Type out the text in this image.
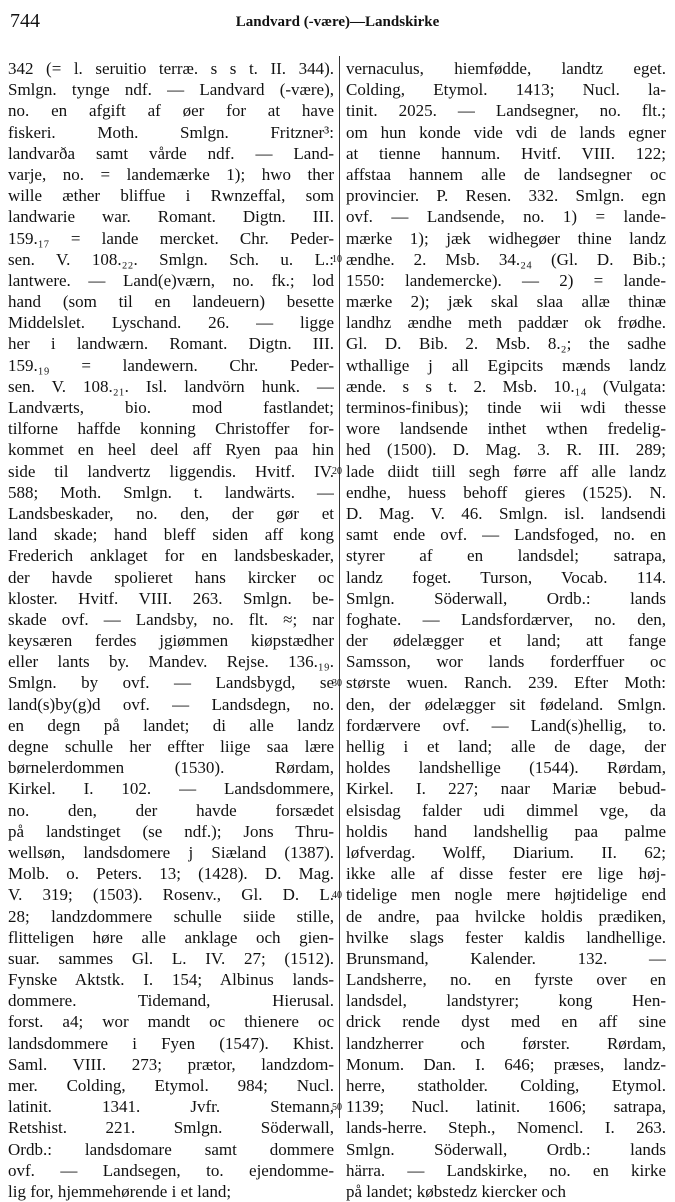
744	Landvard (-være)—Landskirke
342 (= l. seruitio terræ. s s t. II. 344).
Smlgn. tynge ndf. — Landvard (-være),
no. en afgift af øer for at have
fiskeri. Moth. Smlgn. Fritzner³:
landvarða samt vårde ndf. — Land-
varje, no. = landemærke 1); hwo ther
wille æther bliffue i Rwnzeffal, som
landwarie war. Romant. Digtn. III.
159.₁₇ = lande mercket. Chr. Peder-
sen. V. 108.₂₂. Smlgn. Sch. u. L.:
lantwere. — Land(e)værn, no. fk.; lod
hand (som til en landeuern) besette
Middelslet. Lyschand. 26. — ligge
her i landwærn. Romant. Digtn. III.
159.₁₉ = landewern. Chr. Peder-
sen. V. 108.₂₁. Isl. landvörn hunk. —
Landværts, bio. mod fastlandet;
tilforne haffde konning Christoffer for-
kommet en heel deel aff Ryen paa hin
side til landvertz liggendis. Hvitf. IV.
588; Moth. Smlgn. t. landwärts. —
Landsbeskader, no. den, der gør et
land skade; hand bleff siden aff kong
Frederich anklaget for en landsbeskader,
der havde spolieret hans kircker oc
kloster. Hvitf. VIII. 263. Smlgn. be-
skade ovf. — Landsby, no. flt. ≈; nar
keysæren ferdes jgiømmen kiøpstædher
eller lants by. Mandev. Rejse. 136.₁₉.
Smlgn. by ovf. — Landsbygd, se
land(s)by(g)d ovf. — Landsdegn, no.
en degn på landet; di alle landz
degne schulle her effter liige saa lære
børnelerdommen (1530). Rørdam,
Kirkel. I. 102. — Landsdommere,
no. den, der havde forsædet
på landstinget (se ndf.); Jons Thru-
wellsøn, landsdomere j Siæland (1387).
Molb. o. Peters. 13; (1428). D. Mag.
V. 319; (1503). Rosenv., Gl. D. L.
28; landzdommere schulle siide stille,
flitteligen høre alle anklage och gien-
suar. sammes Gl. L. IV. 27; (1512).
Fynske Aktstk. I. 154; Albinus lands-
dommere. Tidemand, Hierusal.
forst. a4; wor mandt oc thienere oc
landsdommere i Fyen (1547). Khist.
Saml. VIII. 273; prætor, landzdom-
mer. Colding, Etymol. 984; Nucl.
latinit. 1341. Jvfr. Stemann,
Retshist. 221. Smlgn. Söderwall,
Ordb.: landsdomare samt dommere
ovf. — Landsegen, to. ejendomme-
lig for, hjemmehørende i et land;
10
20
30
40
50
vernaculus, hiemfødde, landtz eget.
Colding, Etymol. 1413; Nucl. la-
tinit. 2025. — Landsegner, no. flt.;
om hun konde vide vdi de lands egner
at tienne hannum. Hvitf. VIII. 122;
affstaa hannem alle de landsegner oc
provincier. P. Resen. 332. Smlgn. egn
ovf. — Landsende, no. 1) = lande-
mærke 1); jæk widhegøer thine landz
ændhe. 2. Msb. 34.₂₄ (Gl. D. Bib.;
1550: landemercke). — 2) = lande-
mærke 2); jæk skal slaa allæ thinæ
landhz ændhe meth paddær ok frødhe.
Gl. D. Bib. 2. Msb. 8.₂; the sadhe
wthallige j all Egipcits mænds landz
ænde. s s t. 2. Msb. 10.₁₄ (Vulgata:
terminos-finibus); tinde wii wdi thesse
wore landsende inthet wthen fredelig-
hed (1500). D. Mag. 3. R. III. 289;
lade diidt tiill segh førre aff alle landz
endhe, huess behoff gieres (1525). N.
D. Mag. V. 46. Smlgn. isl. landsendi
samt ende ovf. — Landsfoged, no. en
styrer af en landsdel; satrapa,
landz foget. Turson, Vocab. 114.
Smlgn. Söderwall, Ordb.: lands
foghate. — Landsfordærver, no. den,
der ødelægger et land; att fange
Samsson, wor lands forderffuer oc
største wuen. Ranch. 239. Efter Moth:
den, der ødelægger sit fødeland. Smlgn.
fordærvere ovf. — Land(s)hellig, to.
hellig i et land; alle de dage, der
holdes landshellige (1544). Rørdam,
Kirkel. I. 227; naar Mariæ bebud-
elsisdag falder udi dimmel vge, da
holdis hand landshellig paa palme
løfverdag. Wolff, Diarium. II. 62;
ikke alle af disse fester ere lige høj-
tidelige men nogle mere højtidelige end
de andre, paa hvilcke holdis prædiken,
hvilke slags fester kaldis landhellige.
Brunsmand, Kalender. 132. —
Landsherre, no. en fyrste over en
landsdel, landstyrer; kong Hen-
drick rende dyst med en aff sine
landzherrer och førster. Rørdam,
Monum. Dan. I. 646; præses, landz-
herre, statholder. Colding, Etymol.
1139; Nucl. latinit. 1606; satrapa,
lands-herre. Steph., Nomencl. I. 263.
Smlgn. Söderwall, Ordb.: lands
härra. — Landskirke, no. en kirke
på landet; købstedz kiercker och
